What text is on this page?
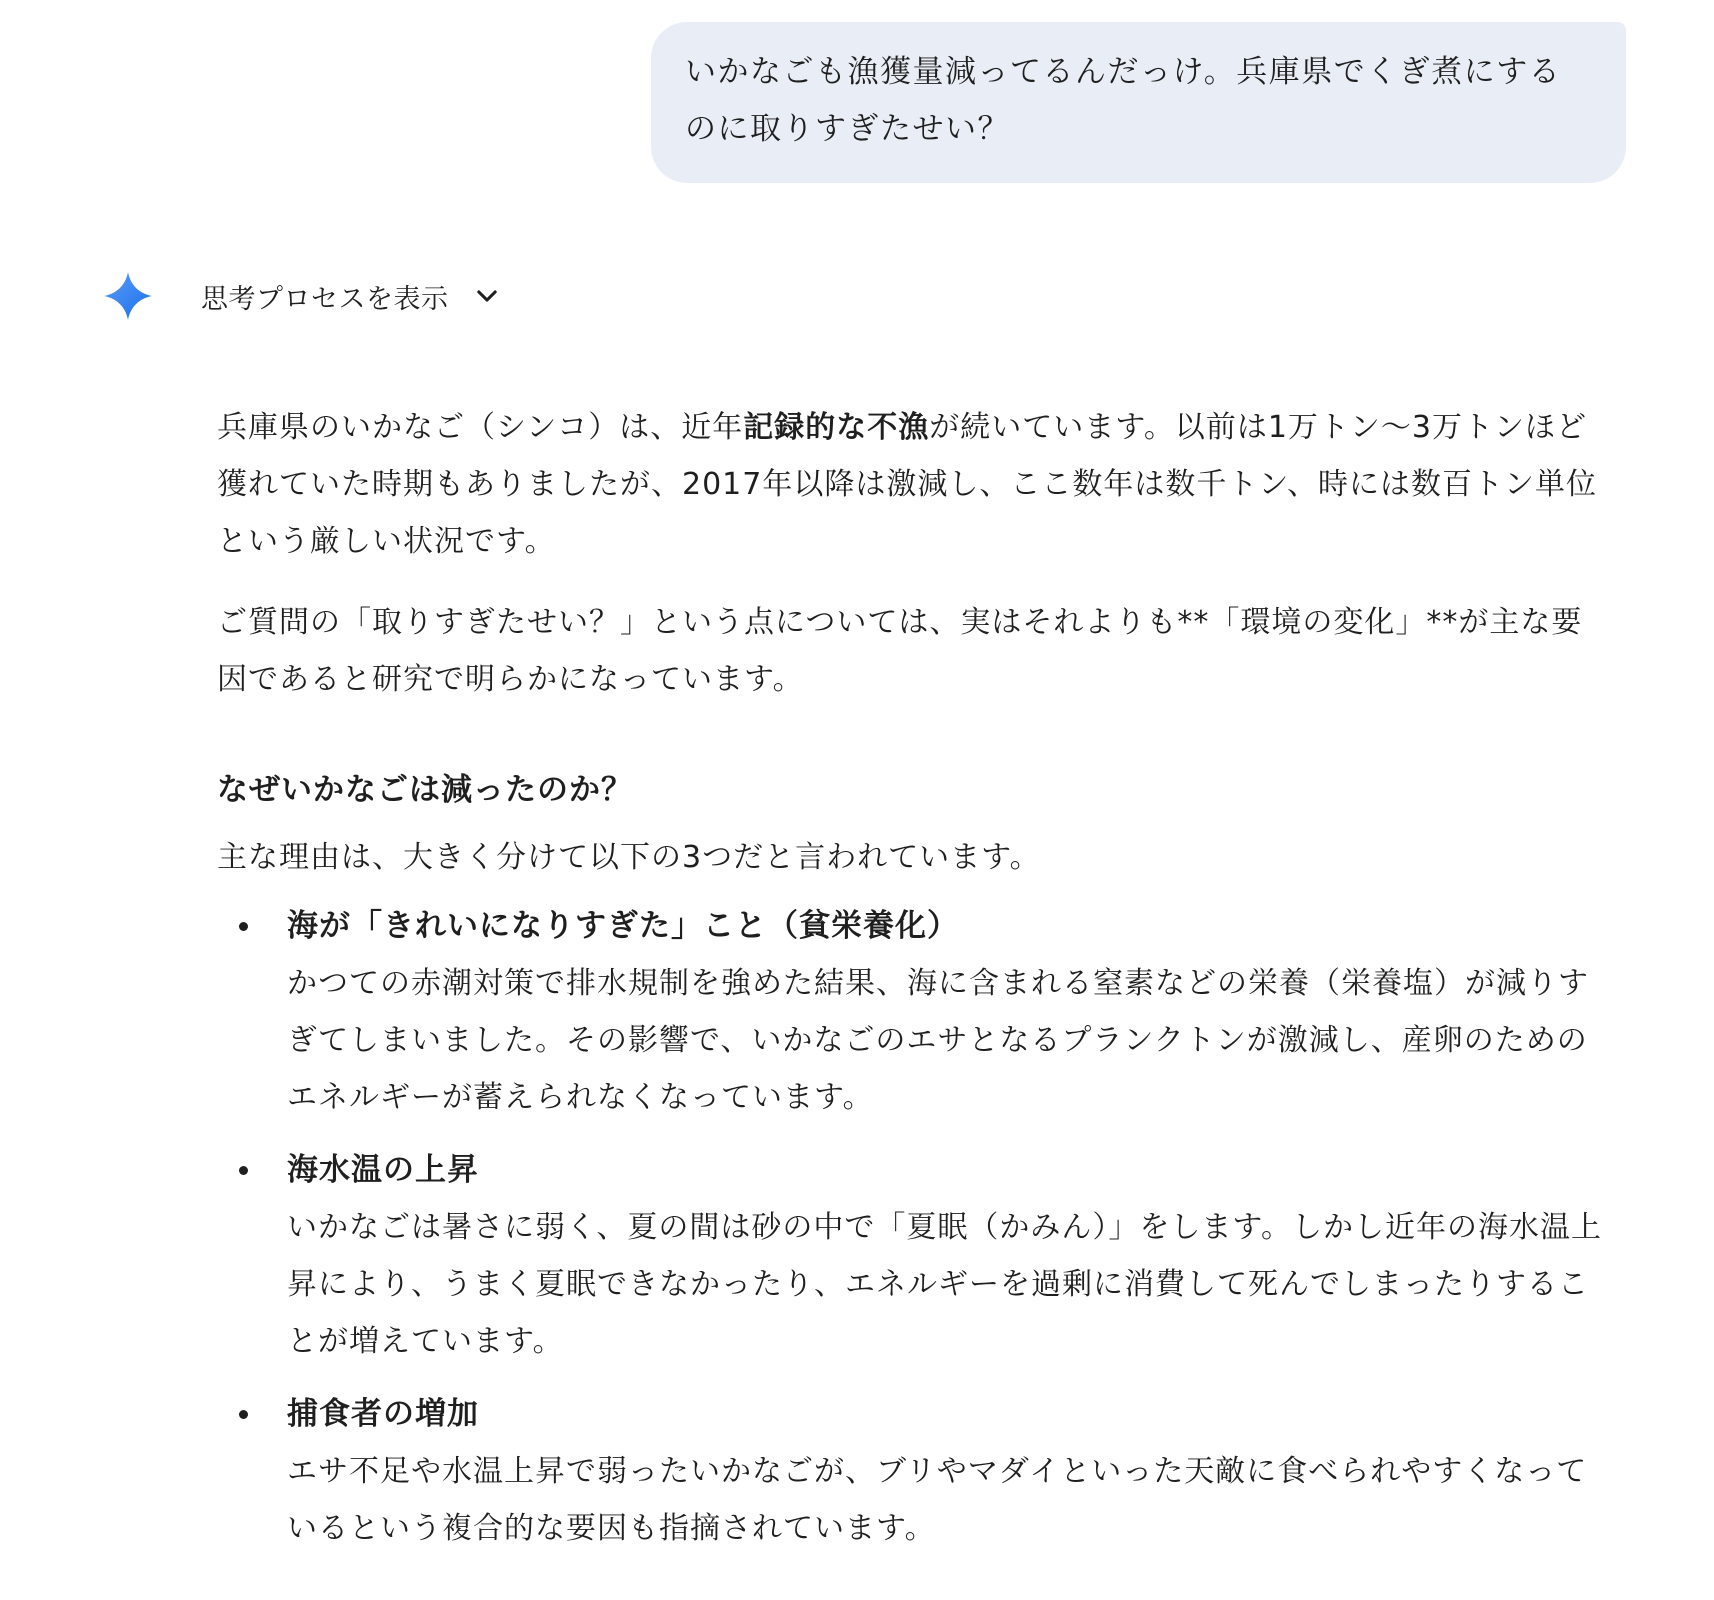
いかなごも漁獲量減ってるんだっけ。兵庫県でくぎ煮にするのに取りすぎたせい？
思考プロセスを表示

兵庫県のいかなご（シンコ）は、近年記録的な不漁が続いています。以前は1万トン〜3万トンほど獲れていた時期もありましたが、2017年以降は激減し、ここ数年は数千トン、時には数百トン単位という厳しい状況です。

ご質問の「取りすぎたせい？」という点については、実はそれよりも**「環境の変化」**が主な要因であると研究で明らかになっています。

なぜいかなごは減ったのか？

主な理由は、大きく分けて以下の3つだと言われています。

海が「きれいになりすぎた」こと（貧栄養化）
かつての赤潮対策で排水規制を強めた結果、海に含まれる窒素などの栄養（栄養塩）が減りすぎてしまいました。その影響で、いかなごのエサとなるプランクトンが激減し、産卵のためのエネルギーが蓄えられなくなっています。
海水温の上昇
いかなごは暑さに弱く、夏の間は砂の中で「夏眠（かみん）」をします。しかし近年の海水温上昇により、うまく夏眠できなかったり、エネルギーを過剰に消費して死んでしまったりすることが増えています。
捕食者の増加
エサ不足や水温上昇で弱ったいかなごが、ブリやマダイといった天敵に食べられやすくなっているという複合的な要因も指摘されています。
